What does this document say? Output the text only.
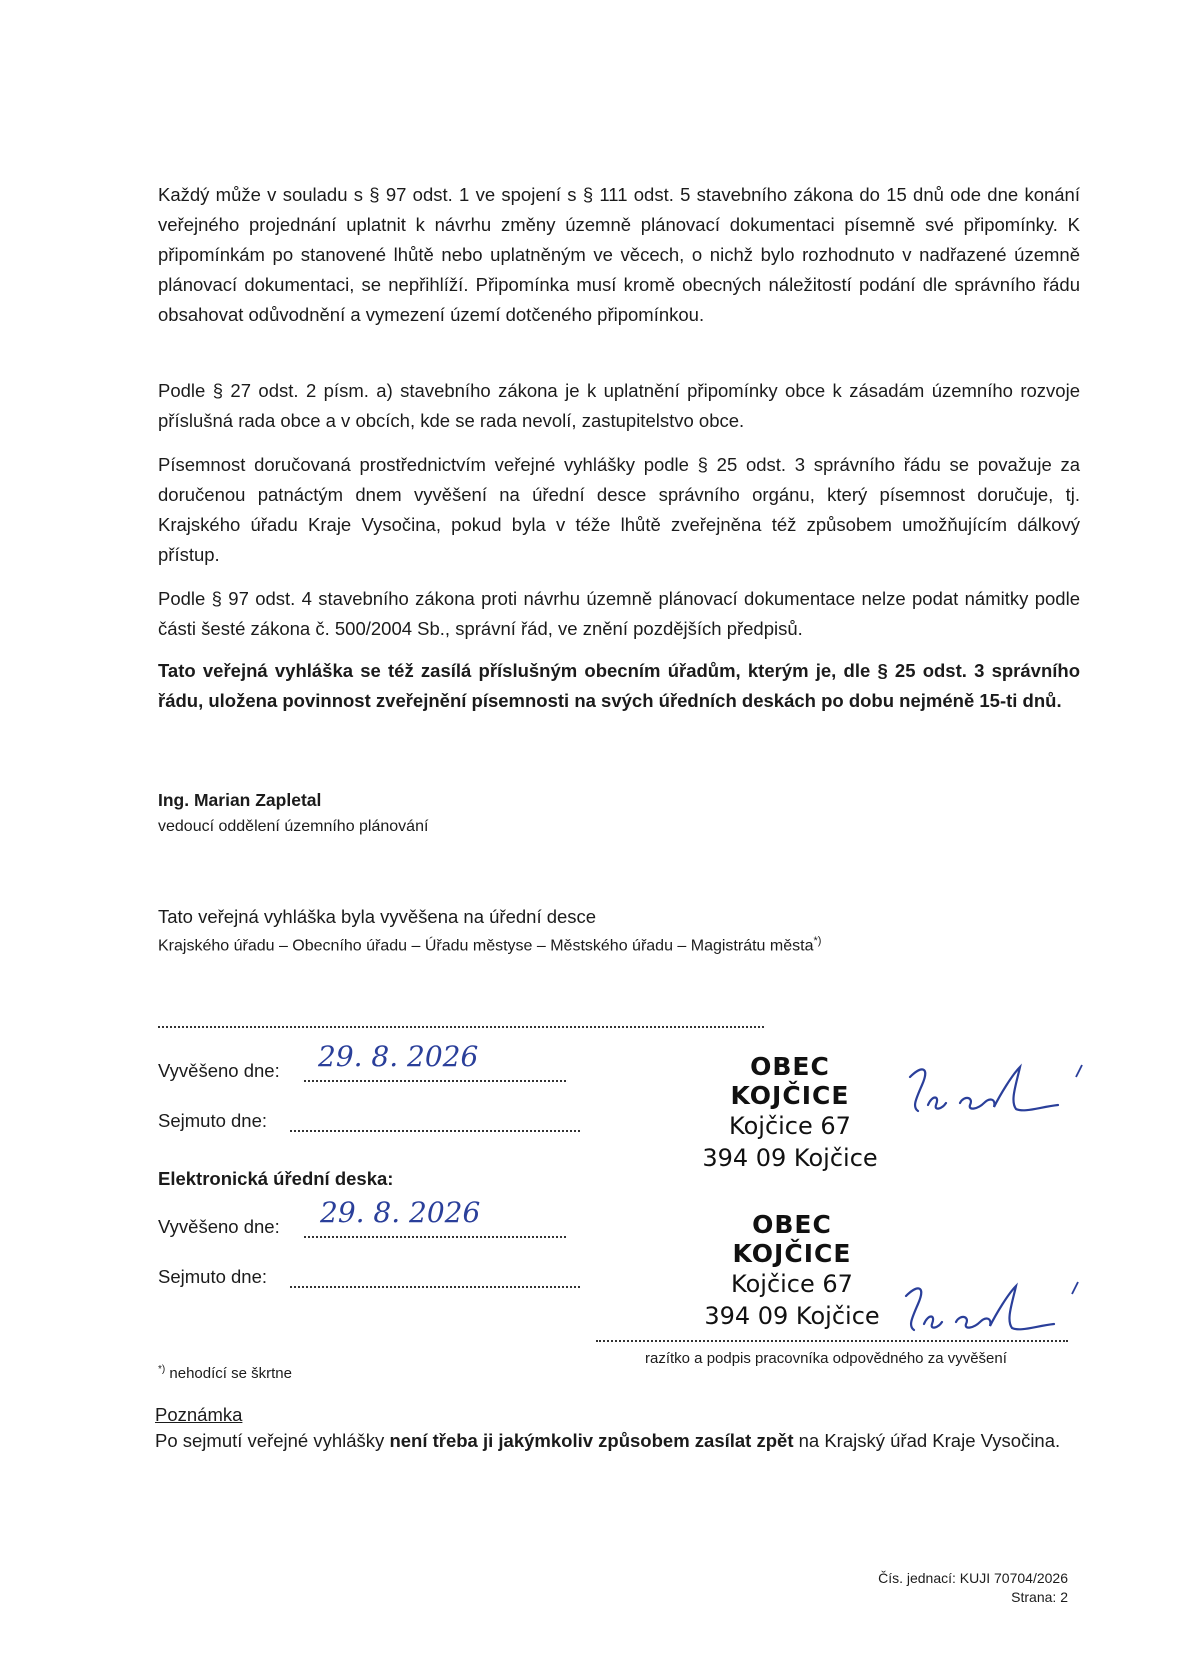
Každý může v souladu s § 97 odst. 1 ve spojení s § 111 odst. 5 stavebního zákona do 15 dnů ode dne konání veřejného projednání uplatnit k návrhu změny územně plánovací dokumentaci písemně své připomínky. K připomínkám po stanovené lhůtě nebo uplatněným ve věcech, o nichž bylo rozhodnuto v nadřazené územně plánovací dokumentaci, se nepřihlíží. Připomínka musí kromě obecných náležitostí podání dle správního řádu obsahovat odůvodnění a vymezení území dotčeného připomínkou.

Podle § 27 odst. 2 písm. a) stavebního zákona je k uplatnění připomínky obce k zásadám územního rozvoje příslušná rada obce a v obcích, kde se rada nevolí, zastupitelstvo obce.

Písemnost doručovaná prostřednictvím veřejné vyhlášky podle § 25 odst. 3 správního řádu se považuje za doručenou patnáctým dnem vyvěšení na úřední desce správního orgánu, který písemnost doručuje, tj. Krajského úřadu Kraje Vysočina, pokud byla v téže lhůtě zveřejněna též způsobem umožňujícím dálkový přístup.

Podle § 97 odst. 4 stavebního zákona proti návrhu územně plánovací dokumentace nelze podat námitky podle části šesté zákona č. 500/2004 Sb., správní řád, ve znění pozdějších předpisů.

Tato veřejná vyhláška se též zasílá příslušným obecním úřadům, kterým je, dle § 25 odst. 3 správního řádu, uložena povinnost zveřejnění písemnosti na svých úředních deskách po dobu nejméně 15-ti dnů.

Ing. Marian Zapletal

vedoucí oddělení územního plánování

Tato veřejná vyhláška byla vyvěšena na úřední desce

Krajského úřadu – Obecního úřadu – Úřadu městyse – Městského úřadu – Magistrátu města*)

Vyvěšeno dne: 29. 8. 2026

Sejmuto dne:

OBEC KOJČICE
Kojčice 67
394 09 Kojčice

Elektronická úřední deska:

Vyvěšeno dne: 29. 8. 2026

Sejmuto dne:

OBEC KOJČICE
Kojčice 67
394 09 Kojčice

razítko a podpis pracovníka odpovědného za vyvěšení

*) nehodící se škrtne

Poznámka

Po sejmutí veřejné vyhlášky není třeba ji jakýmkoliv způsobem zasílat zpět na Krajský úřad Kraje Vysočina.

Čís. jednací: KUJI 70704/2026

Strana: 2
